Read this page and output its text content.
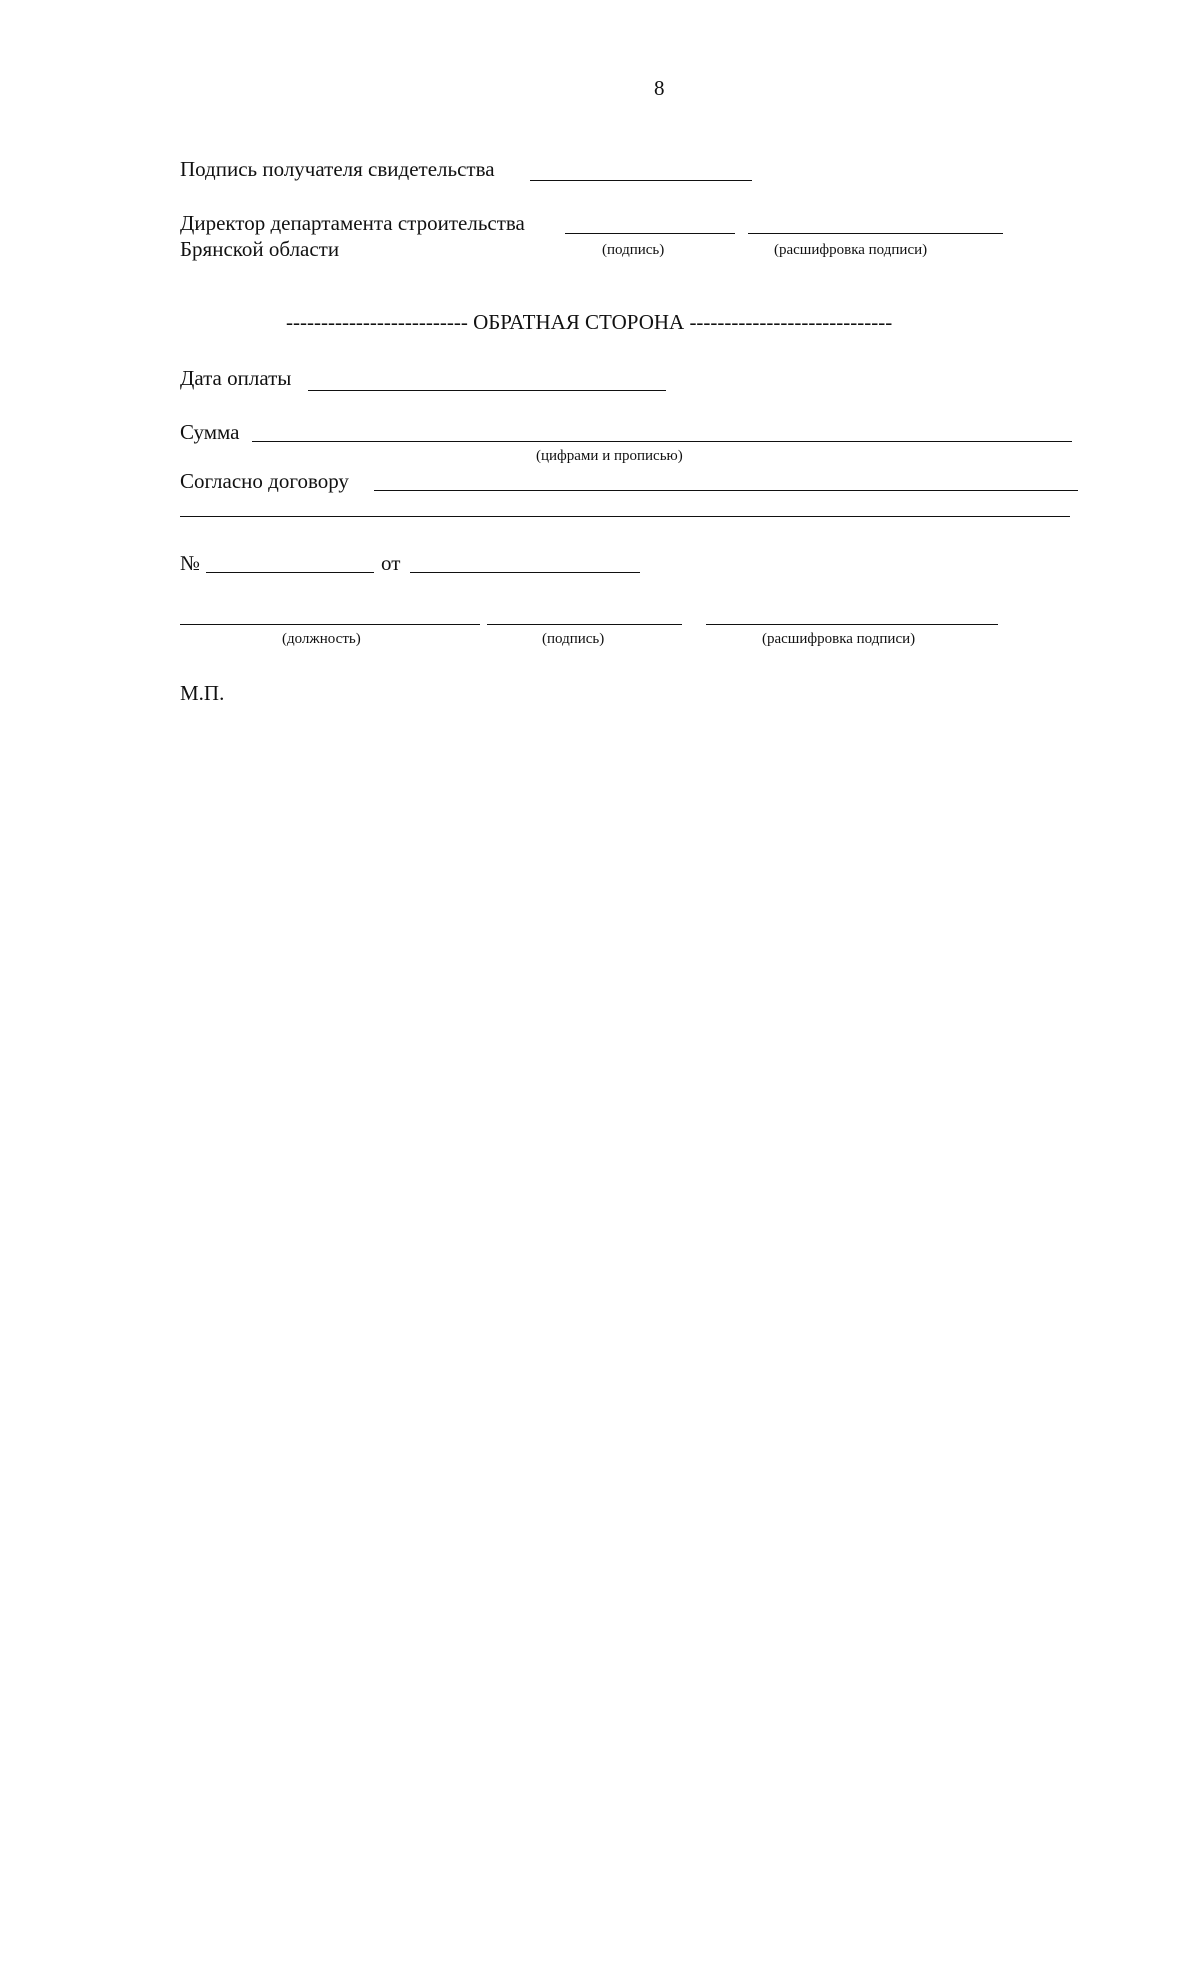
8
Подпись получателя свидетельства
Директор департамента строительства
Брянской области	(подпись)	(расшифровка подписи)
-------------------------- ОБРАТНАЯ СТОРОНА -----------------------------
Дата оплаты
Сумма
(цифрами и прописью)
Согласно договору
№	от
(должность)	(подпись)	(расшифровка подписи)
М.П.
